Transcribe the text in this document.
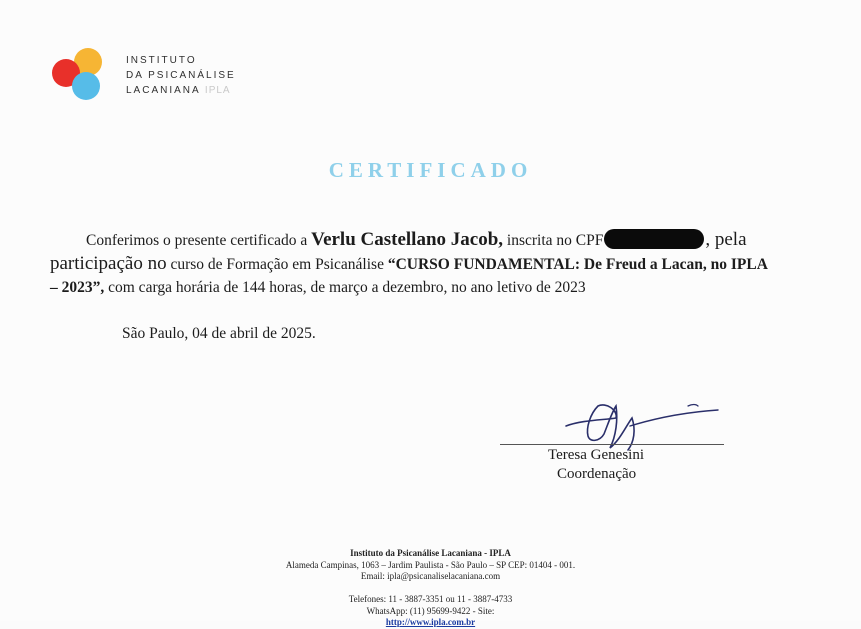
INSTITUTO
DA PSICANÁLISE
LACANIANA IPLA
CERTIFICADO
Conferimos o presente certificado a Verlu Castellano Jacob, inscrita no CPF	, pela
participação no curso de Formação em Psicanálise “CURSO FUNDAMENTAL: De Freud a Lacan, no IPLA
– 2023”, com carga horária de 144 horas, de março a dezembro, no ano letivo de 2023
São Paulo, 04 de abril de 2025.
Teresa Genesini
Coordenação
Instituto da Psicanálise Lacaniana - IPLA
Alameda Campinas, 1063 – Jardim Paulista - São Paulo – SP CEP: 01404 - 001.
Email: ipla@psicanaliselacaniana.com

Telefones: 11 - 3887-3351 ou 11 - 3887-4733
WhatsApp: (11) 95699-9422 - Site:
http://www.ipla.com.br
